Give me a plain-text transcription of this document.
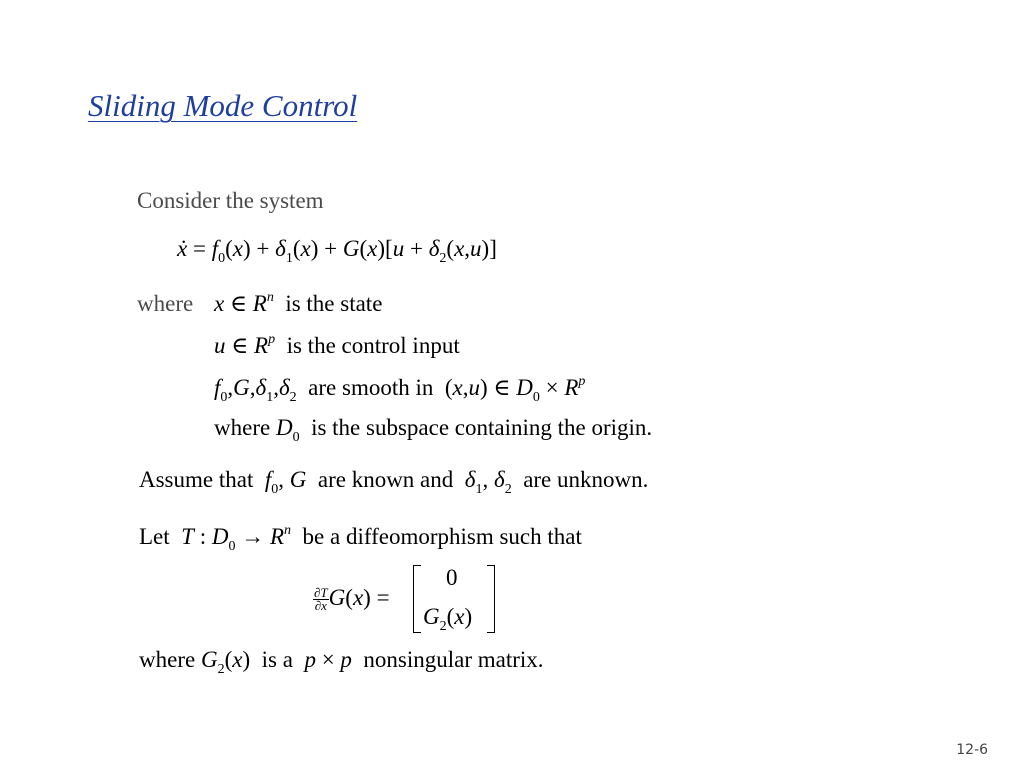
Sliding Mode Control
Consider the system
ẋ = $f_0(x) + \delta_1(x) + G(x)[u + \delta_2(x,u)]$
where x ∈ $R^n$ is the state
u ∈ $R^p$ is the control input
$f_0,G,\delta_1,\delta_2$ are smooth in  (x,u) ∈ $D_0 \times R^p$
where $D_0$ is the subspace containing the origin.
Assume that $f_0$, G are known and $\delta_1$, $\delta_2$ are unknown.
Let T : $D_0 \to R^n$ be a diffeomorphism such that
$\frac{\partial T}{\partial x} G(x)$ =
0
$G_2(x)$
where $G_2(x)$  is a p × p nonsingular matrix.
12-6
